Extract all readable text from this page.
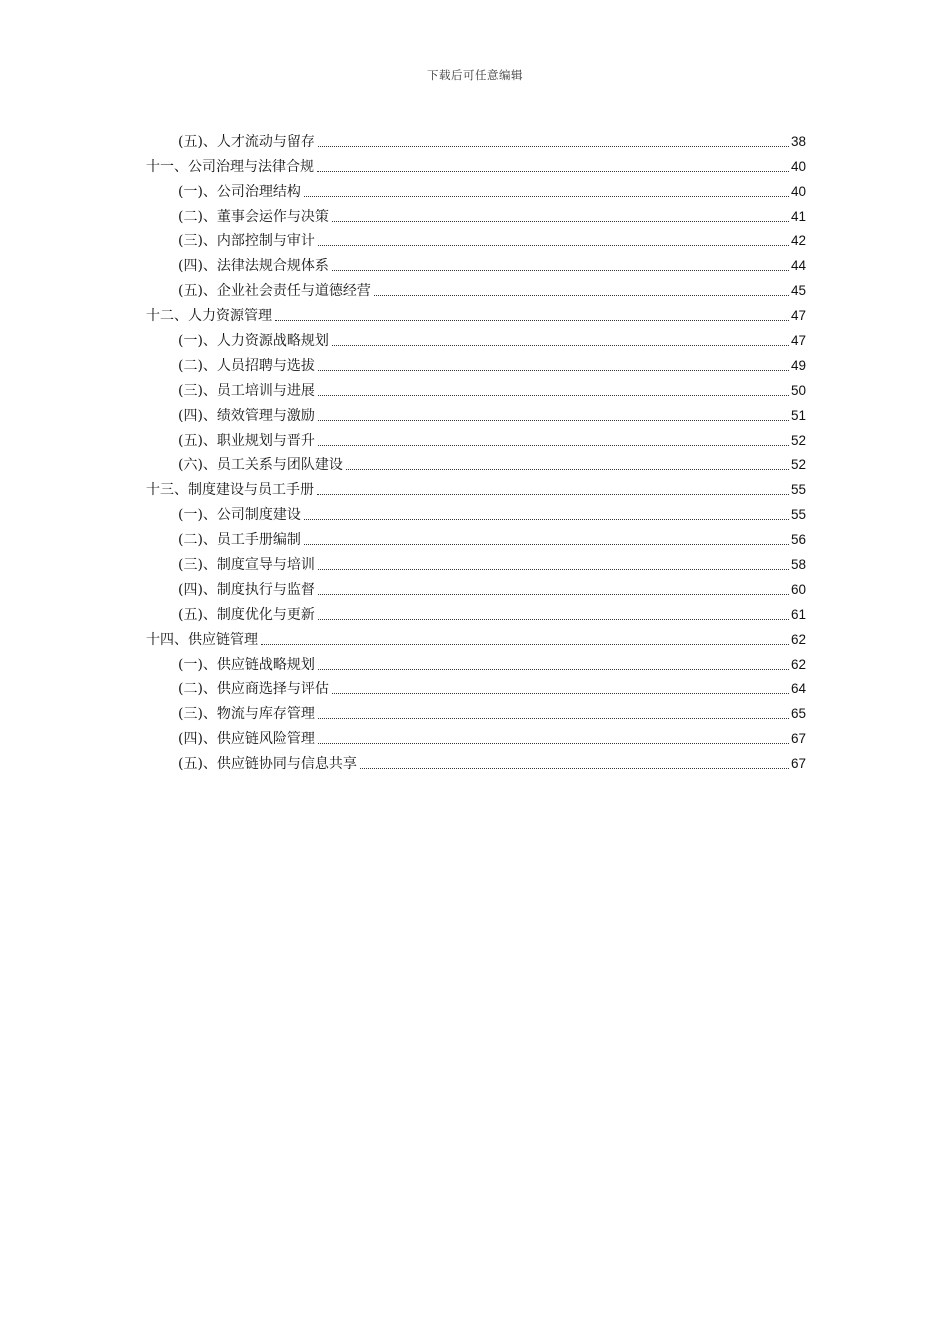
下载后可任意编辑
(五)、人才流动与留存	38
十一、公司治理与法律合规	40
(一)、公司治理结构	40
(二)、董事会运作与决策	41
(三)、内部控制与审计	42
(四)、法律法规合规体系	44
(五)、企业社会责任与道德经营	45
十二、人力资源管理	47
(一)、人力资源战略规划	47
(二)、人员招聘与选拔	49
(三)、员工培训与进展	50
(四)、绩效管理与激励	51
(五)、职业规划与晋升	52
(六)、员工关系与团队建设	52
十三、制度建设与员工手册	55
(一)、公司制度建设	55
(二)、员工手册编制	56
(三)、制度宣导与培训	58
(四)、制度执行与监督	60
(五)、制度优化与更新	61
十四、供应链管理	62
(一)、供应链战略规划	62
(二)、供应商选择与评估	64
(三)、物流与库存管理	65
(四)、供应链风险管理	67
(五)、供应链协同与信息共享	67
